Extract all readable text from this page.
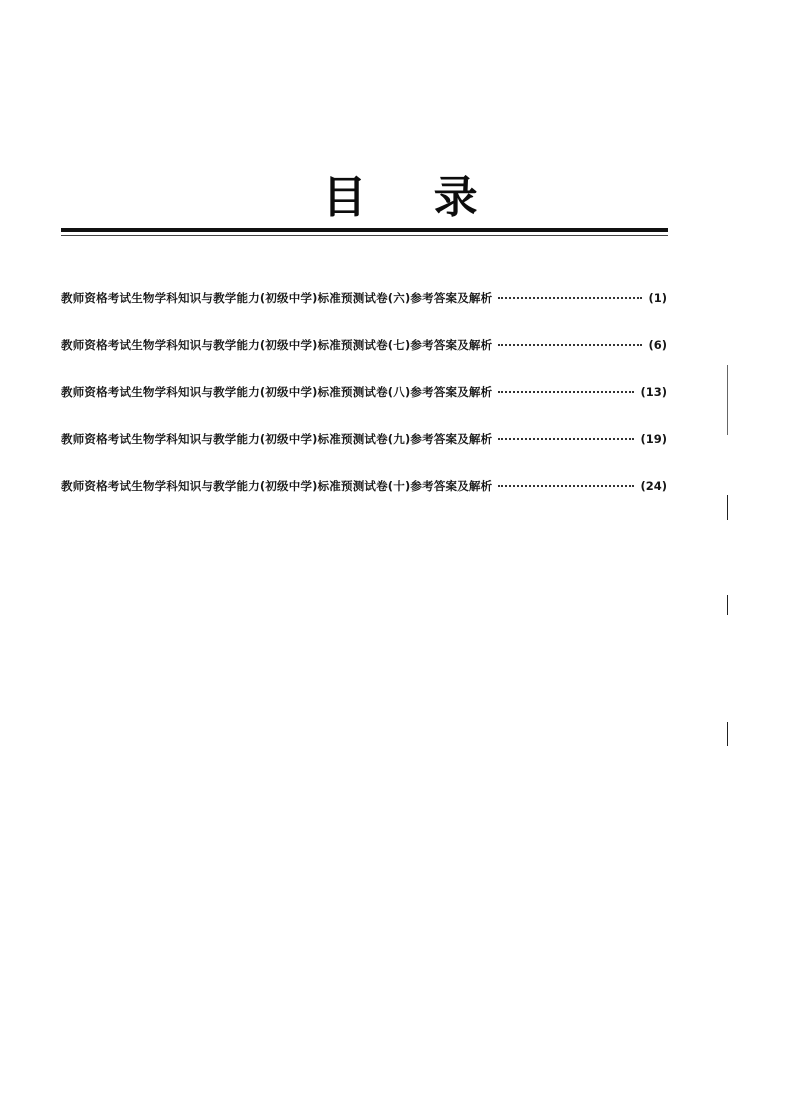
目 录
教师资格考试生物学科知识与教学能力(初级中学)标准预测试卷(六)参考答案及解析	(1)
教师资格考试生物学科知识与教学能力(初级中学)标准预测试卷(七)参考答案及解析	(6)
教师资格考试生物学科知识与教学能力(初级中学)标准预测试卷(八)参考答案及解析	(13)
教师资格考试生物学科知识与教学能力(初级中学)标准预测试卷(九)参考答案及解析	(19)
教师资格考试生物学科知识与教学能力(初级中学)标准预测试卷(十)参考答案及解析	(24)
